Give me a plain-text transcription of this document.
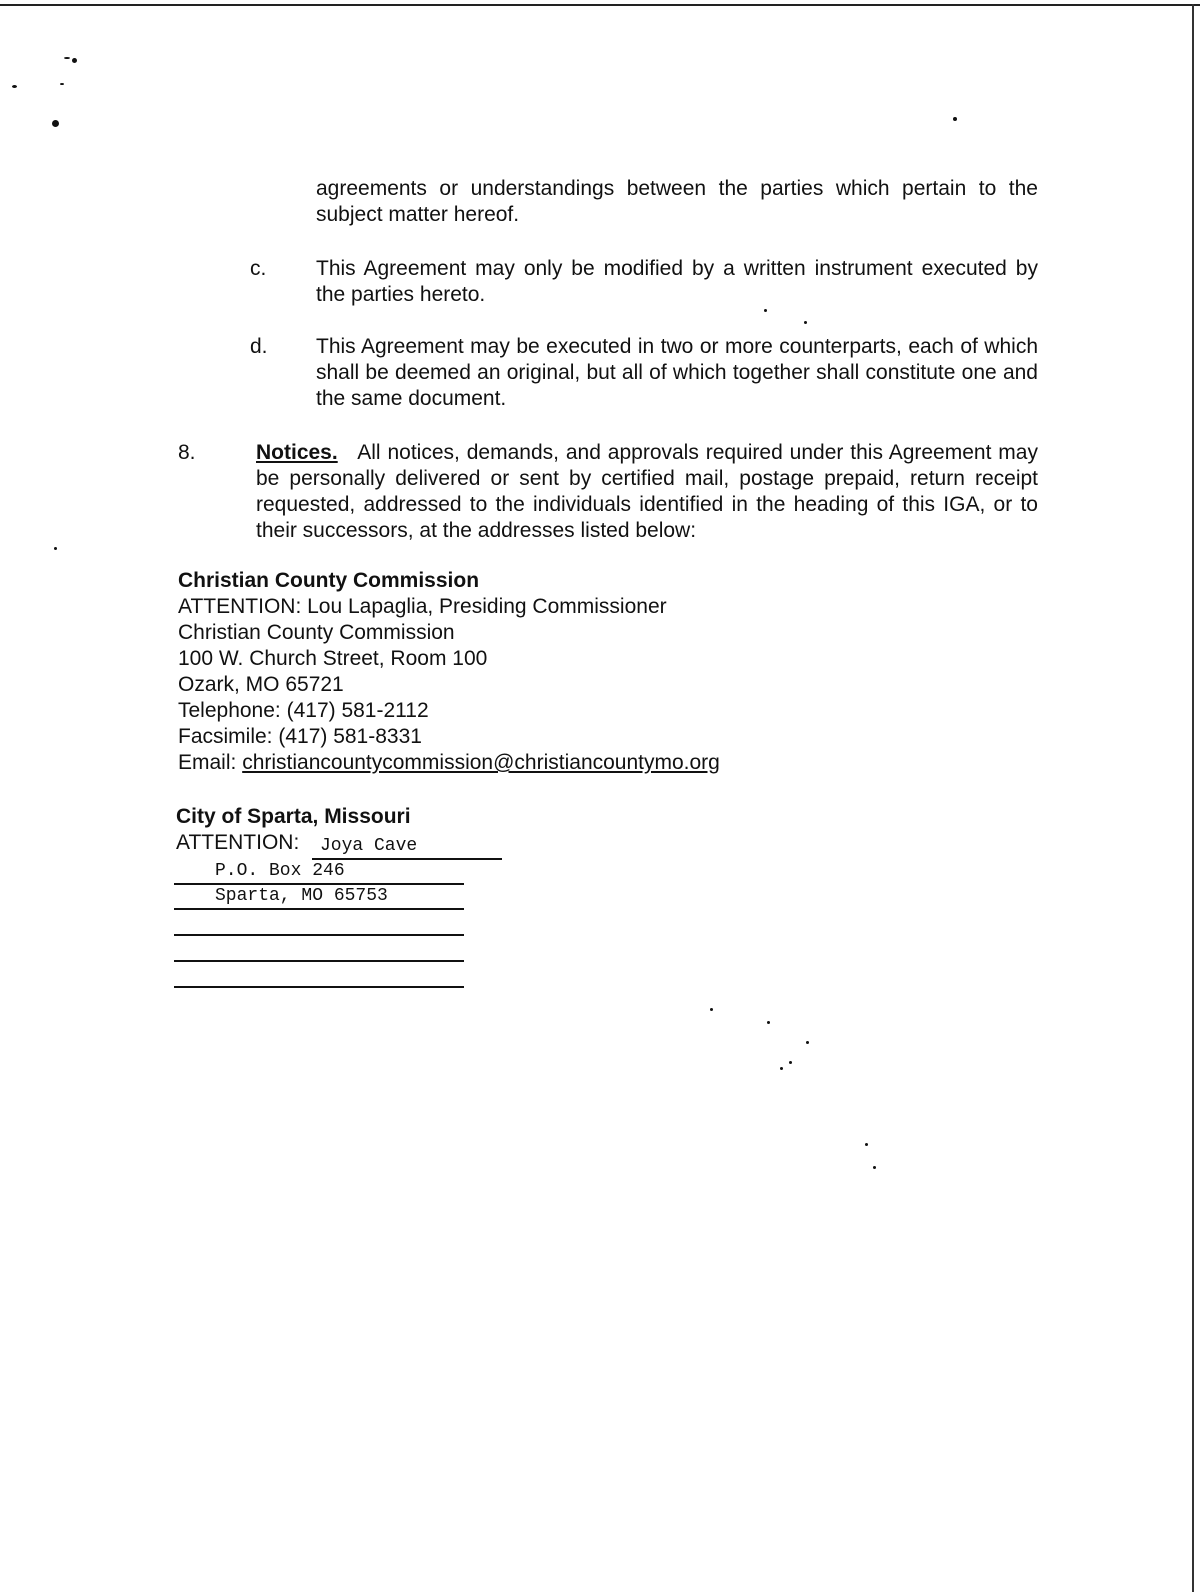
agreements or understandings between the parties which pertain to the subject matter hereof.
c. This Agreement may only be modified by a written instrument executed by the parties hereto.
d. This Agreement may be executed in two or more counterparts, each of which shall be deemed an original, but all of which together shall constitute one and the same document.
8.	Notices. All notices, demands, and approvals required under this Agreement may be personally delivered or sent by certified mail, postage prepaid, return receipt requested, addressed to the individuals identified in the heading of this IGA, or to their successors, at the addresses listed below:
Christian County Commission
ATTENTION: Lou Lapaglia, Presiding Commissioner
Christian County Commission
100 W. Church Street, Room 100
Ozark, MO 65721
Telephone: (417) 581-2112
Facsimile: (417) 581-8331
Email: christiancountycommission@christiancountymo.org
City of Sparta, Missouri
ATTENTION: Joya Cave
P.O. Box 246
Sparta, MO 65753
